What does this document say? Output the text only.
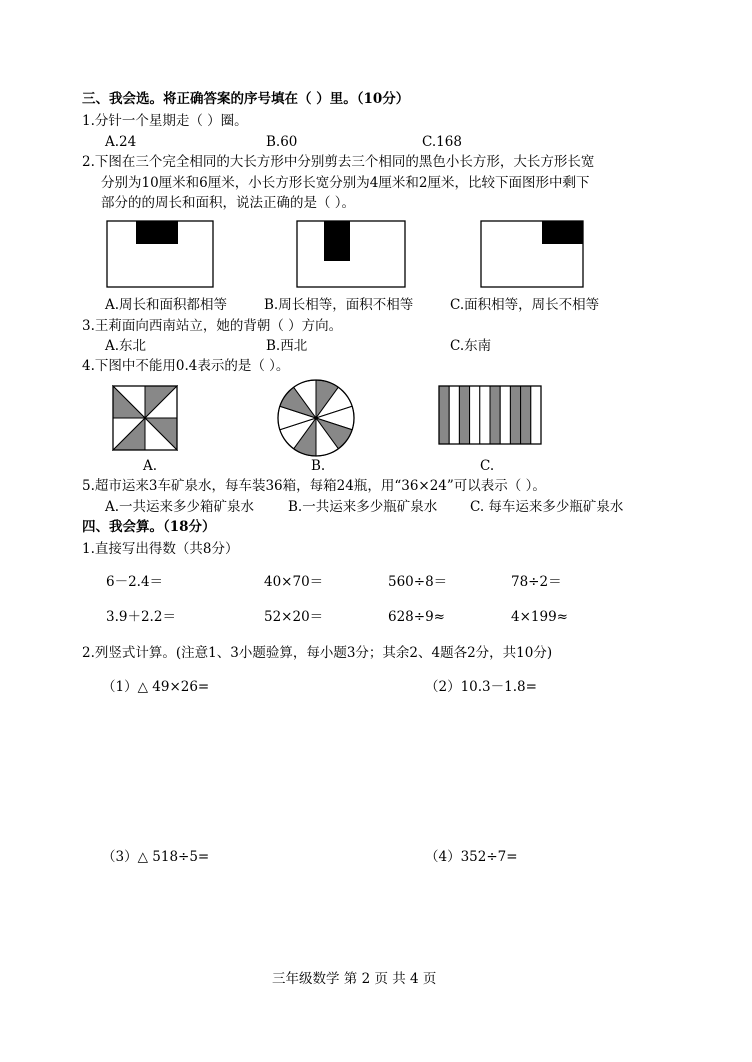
三、我会选。将正确答案的序号填在（ ）里。（10分）
1.分针一个星期走（ ）圈。
A.24	B.60	C.168
2.下图在三个完全相同的大长方形中分别剪去三个相同的黑色小长方形，大长方形长宽
分别为10厘米和6厘米，小长方形长宽分别为4厘米和2厘米，比较下面图形中剩下
部分的的周长和面积，说法正确的是（ ）。
A.周长和面积都相等	B.周长相等，面积不相等	C.面积相等，周长不相等
3.王莉面向西南站立，她的背朝（ ）方向。
A.东北	B.西北	C.东南
4.下图中不能用0.4表示的是（ ）。
A.	B.	C.
5.超市运来3车矿泉水，每车装36箱，每箱24瓶，用“36×24”可以表示（ ）。
A.一共运来多少箱矿泉水	B.一共运来多少瓶矿泉水 C. 每车运来多少瓶矿泉水
四、我会算。（18分）
1.直接写出得数（共8分）
6－2.4＝	40×70＝	560÷8＝	78÷2＝
3.9＋2.2＝	52×20＝	628÷9≈	4×199≈
2.列竖式计算。(注意1、3小题验算，每小题3分；其余2、4题各2分，共10分)
（1）△ 49×26=	（2）10.3－1.8=
（3）△ 518÷5=	（4）352÷7=
三年级数学 第 2 页 共 4 页
